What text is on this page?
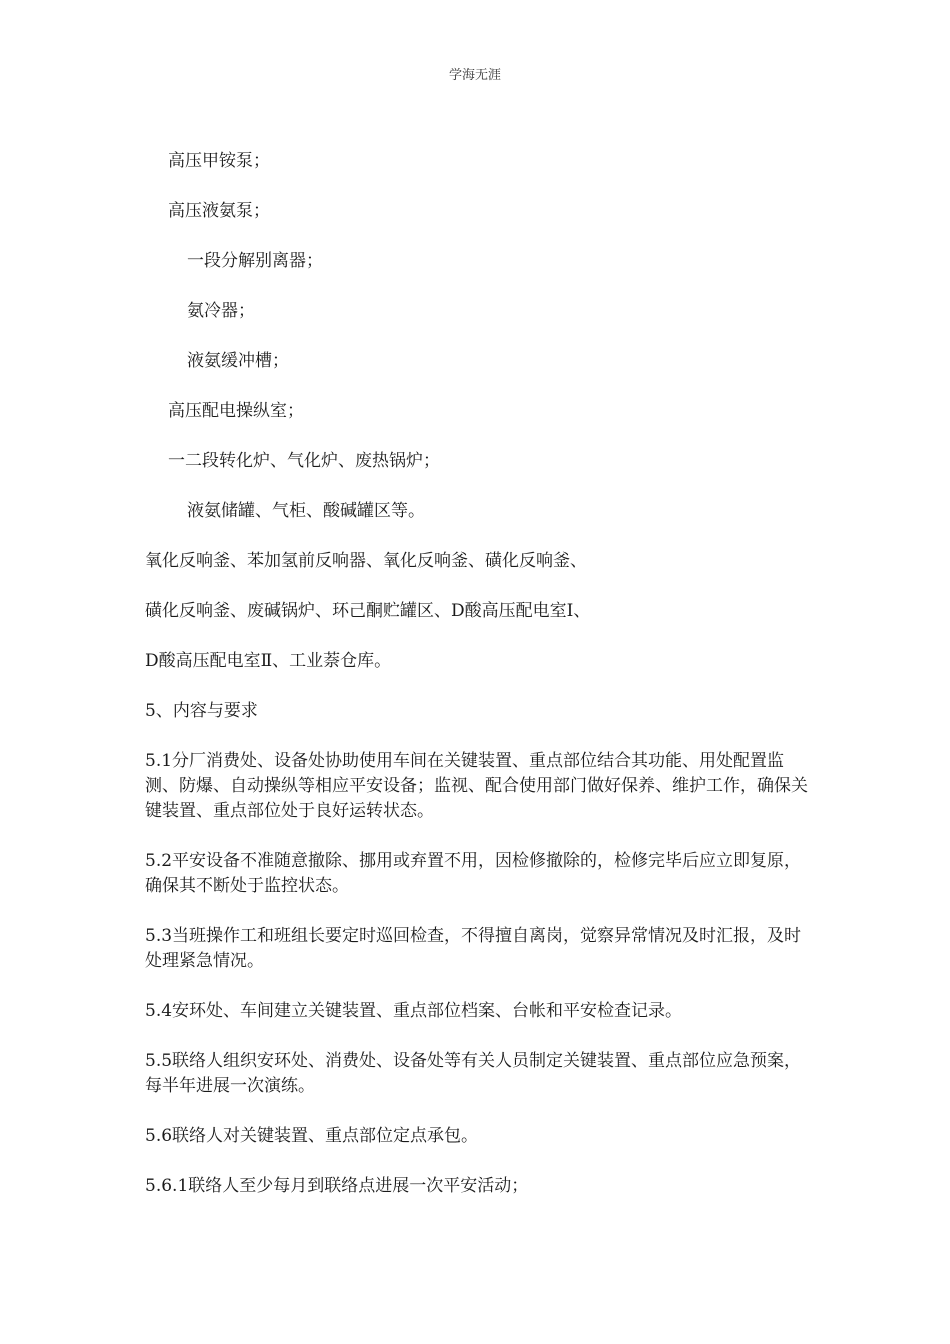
学海无涯
高压甲铵泵；
高压液氨泵；
一段分解别离器；
氨冷器；
液氨缓冲槽；
高压配电操纵室；
一二段转化炉、气化炉、废热锅炉；
液氨储罐、气柜、酸碱罐区等。
氧化反响釜、苯加氢前反响器、氧化反响釜、磺化反响釜、
磺化反响釜、废碱锅炉、环己酮贮罐区、D酸高压配电室Ⅰ、
D酸高压配电室Ⅱ、工业萘仓库。
5、内容与要求
5.1分厂消费处、设备处协助使用车间在关键装置、重点部位结合其功能、用处配置监测、防爆、自动操纵等相应平安设备；监视、配合使用部门做好保养、维护工作，确保关键装置、重点部位处于良好运转状态。
5.2平安设备不准随意撤除、挪用或弃置不用，因检修撤除的，检修完毕后应立即复原，确保其不断处于监控状态。
5.3当班操作工和班组长要定时巡回检查，不得擅自离岗，觉察异常情况及时汇报，及时处理紧急情况。
5.4安环处、车间建立关键装置、重点部位档案、台帐和平安检查记录。
5.5联络人组织安环处、消费处、设备处等有关人员制定关键装置、重点部位应急预案，每半年进展一次演练。
5.6联络人对关键装置、重点部位定点承包。
5.6.1联络人至少每月到联络点进展一次平安活动；
